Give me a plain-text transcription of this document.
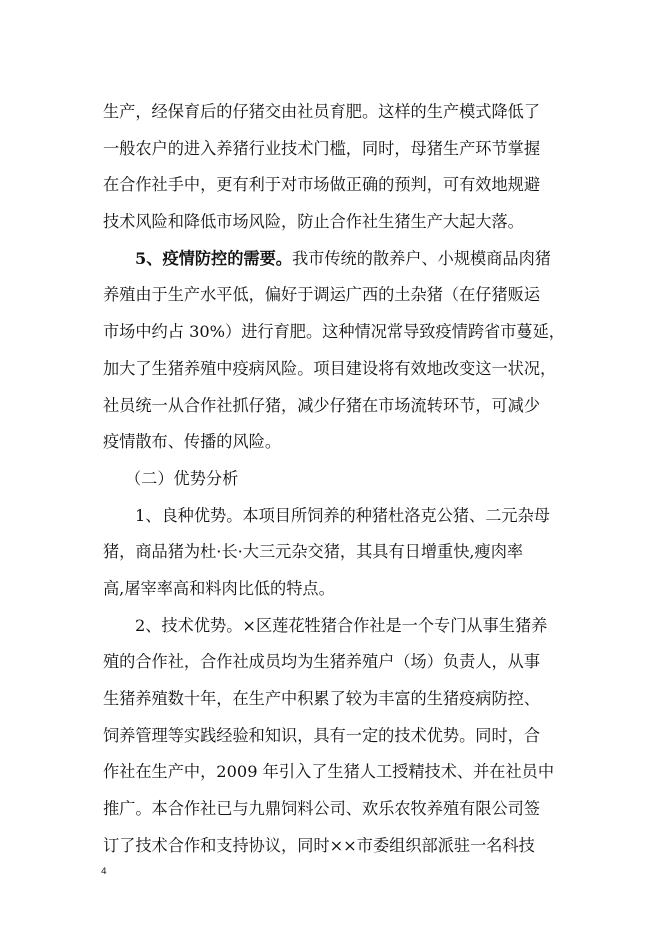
生产，经保育后的仔猪交由社员育肥。这样的生产模式降低了
一般农户的进入养猪行业技术门槛，同时，母猪生产环节掌握
在合作社手中，更有利于对市场做正确的预判，可有效地规避
技术风险和降低市场风险，防止合作社生猪生产大起大落。
5、疫情防控的需要。我市传统的散养户、小规模商品肉猪
养殖由于生产水平低，偏好于调运广西的土杂猪（在仔猪贩运
市场中约占 30%）进行育肥。这种情况常导致疫情跨省市蔓延，
加大了生猪养殖中疫病风险。项目建设将有效地改变这一状况，
社员统一从合作社抓仔猪，减少仔猪在市场流转环节，可减少
疫情散布、传播的风险。
（二）优势分析
1、良种优势。本项目所饲养的种猪杜洛克公猪、二元杂母
猪，商品猪为杜·长·大三元杂交猪，其具有日增重快,瘦肉率
高,屠宰率高和料肉比低的特点。
2、技术优势。×区莲花牲猪合作社是一个专门从事生猪养
殖的合作社，合作社成员均为生猪养殖户（场）负责人，从事
生猪养殖数十年，在生产中积累了较为丰富的生猪疫病防控、
饲养管理等实践经验和知识，具有一定的技术优势。同时，合
作社在生产中，2009 年引入了生猪人工授精技术、并在社员中
推广。本合作社已与九鼎饲料公司、欢乐农牧养殖有限公司签
订了技术合作和支持协议，同时××市委组织部派驻一名科技
4
